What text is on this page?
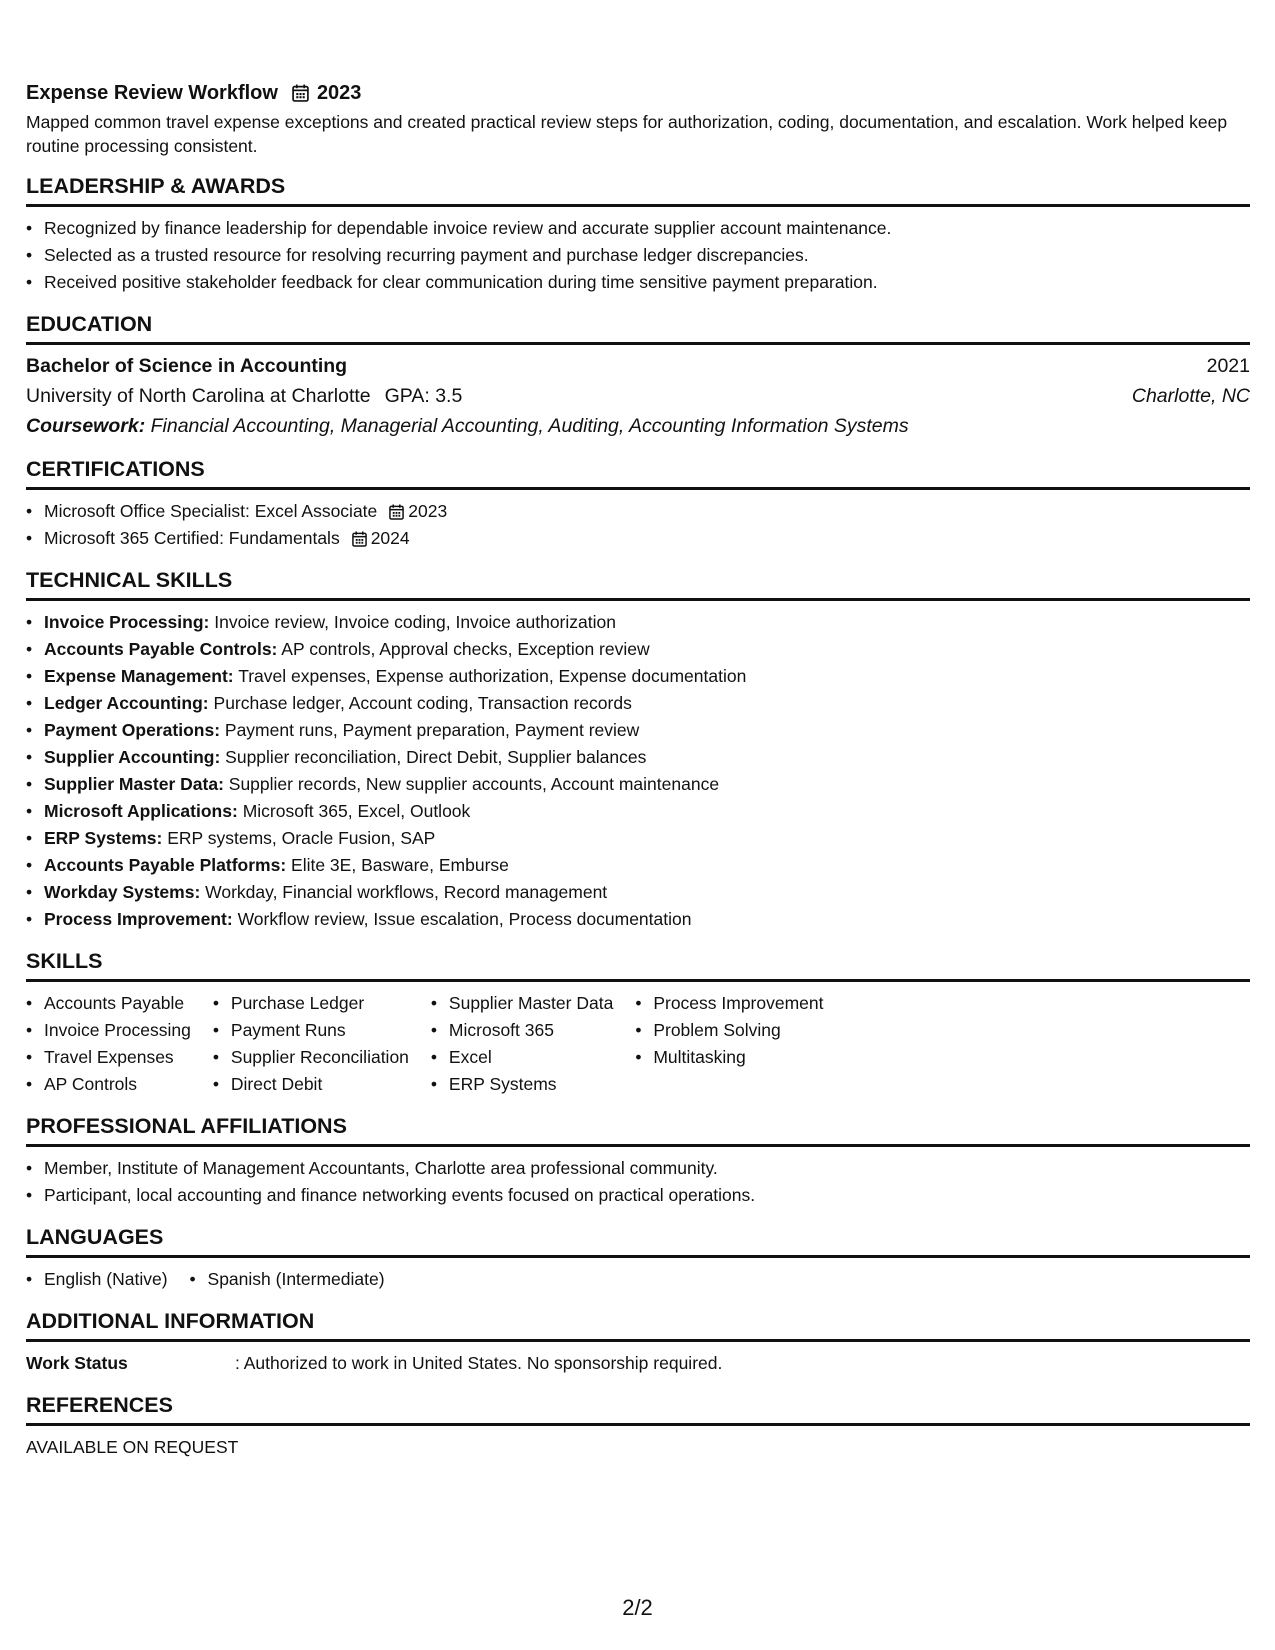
Expense Review Workflow 2023

Mapped common travel expense exceptions and created practical review steps for authorization, coding, documentation, and escalation. Work helped keep routine processing consistent.

LEADERSHIP & AWARDS
• Recognized by finance leadership for dependable invoice review and accurate supplier account maintenance.
• Selected as a trusted resource for resolving recurring payment and purchase ledger discrepancies.
• Received positive stakeholder feedback for clear communication during time sensitive payment preparation.
EDUCATION
Bachelor of Science in Accounting	2021
University of North Carolina at Charlotte GPA: 3.5	Charlotte, NC
Coursework: Financial Accounting, Managerial Accounting, Auditing, Accounting Information Systems
CERTIFICATIONS
• Microsoft Office Specialist: Excel Associate 2023
• Microsoft 365 Certified: Fundamentals 2024
TECHNICAL SKILLS
• Invoice Processing: Invoice review, Invoice coding, Invoice authorization
• Accounts Payable Controls: AP controls, Approval checks, Exception review
• Expense Management: Travel expenses, Expense authorization, Expense documentation
• Ledger Accounting: Purchase ledger, Account coding, Transaction records
• Payment Operations: Payment runs, Payment preparation, Payment review
• Supplier Accounting: Supplier reconciliation, Direct Debit, Supplier balances
• Supplier Master Data: Supplier records, New supplier accounts, Account maintenance
• Microsoft Applications: Microsoft 365, Excel, Outlook
• ERP Systems: ERP systems, Oracle Fusion, SAP
• Accounts Payable Platforms: Elite 3E, Basware, Emburse
• Workday Systems: Workday, Financial workflows, Record management
• Process Improvement: Workflow review, Issue escalation, Process documentation
SKILLS
• Accounts Payable
• Invoice Processing
• Travel Expenses
• AP Controls
• Purchase Ledger
• Payment Runs
• Supplier Reconciliation
• Direct Debit
• Supplier Master Data
• Microsoft 365
• Excel
• ERP Systems
• Process Improvement
• Problem Solving
• Multitasking
PROFESSIONAL AFFILIATIONS
• Member, Institute of Management Accountants, Charlotte area professional community.
• Participant, local accounting and finance networking events focused on practical operations.
LANGUAGES
• English (Native)
•	Spanish (Intermediate)
ADDITIONAL INFORMATION
Work Status	: Authorized to work in United States. No sponsorship required.
REFERENCES
AVAILABLE ON REQUEST
2/2
